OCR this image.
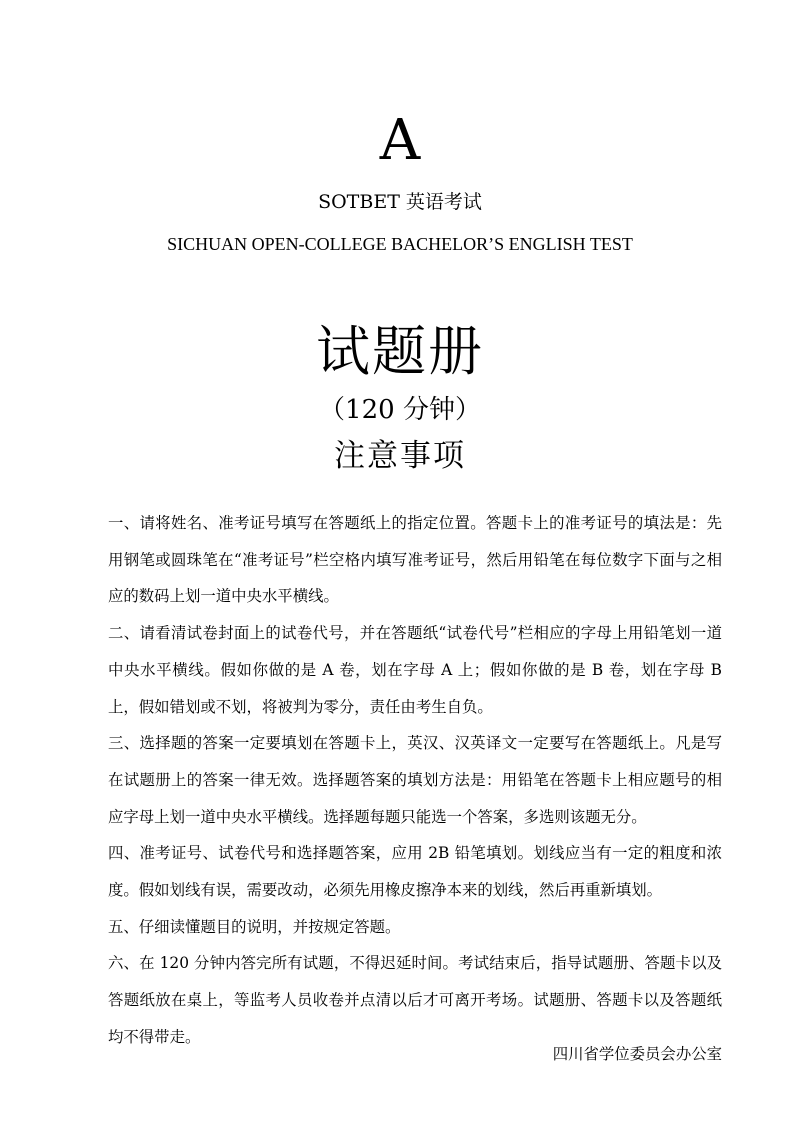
A
SOTBET 英语考试
SICHUAN OPEN-COLLEGE BACHELOR’S ENGLISH TEST
试题册
（120 分钟）
注意事项

一、请将姓名、准考证号填写在答题纸上的指定位置。答题卡上的准考证号的填法是：先用钢笔或圆珠笔在“准考证号”栏空格内填写准考证号，然后用铅笔在每位数字下面与之相应的数码上划一道中央水平横线。

二、请看清试卷封面上的试卷代号，并在答题纸“试卷代号”栏相应的字母上用铅笔划一道中央水平横线。假如你做的是 A 卷，划在字母 A 上；假如你做的是 B 卷，划在字母 B 上，假如错划或不划，将被判为零分，责任由考生自负。

三、选择题的答案一定要填划在答题卡上，英汉、汉英译文一定要写在答题纸上。凡是写在试题册上的答案一律无效。选择题答案的填划方法是：用铅笔在答题卡上相应题号的相应字母上划一道中央水平横线。选择题每题只能选一个答案，多选则该题无分。

四、准考证号、试卷代号和选择题答案，应用 2B 铅笔填划。划线应当有一定的粗度和浓度。假如划线有误，需要改动，必须先用橡皮擦净本来的划线，然后再重新填划。

五、仔细读懂题目的说明，并按规定答题。

六、在 120 分钟内答完所有试题，不得迟延时间。考试结束后，指导试题册、答题卡以及答题纸放在桌上，等监考人员收卷并点清以后才可离开考场。试题册、答题卡以及答题纸均不得带走。

四川省学位委员会办公室
